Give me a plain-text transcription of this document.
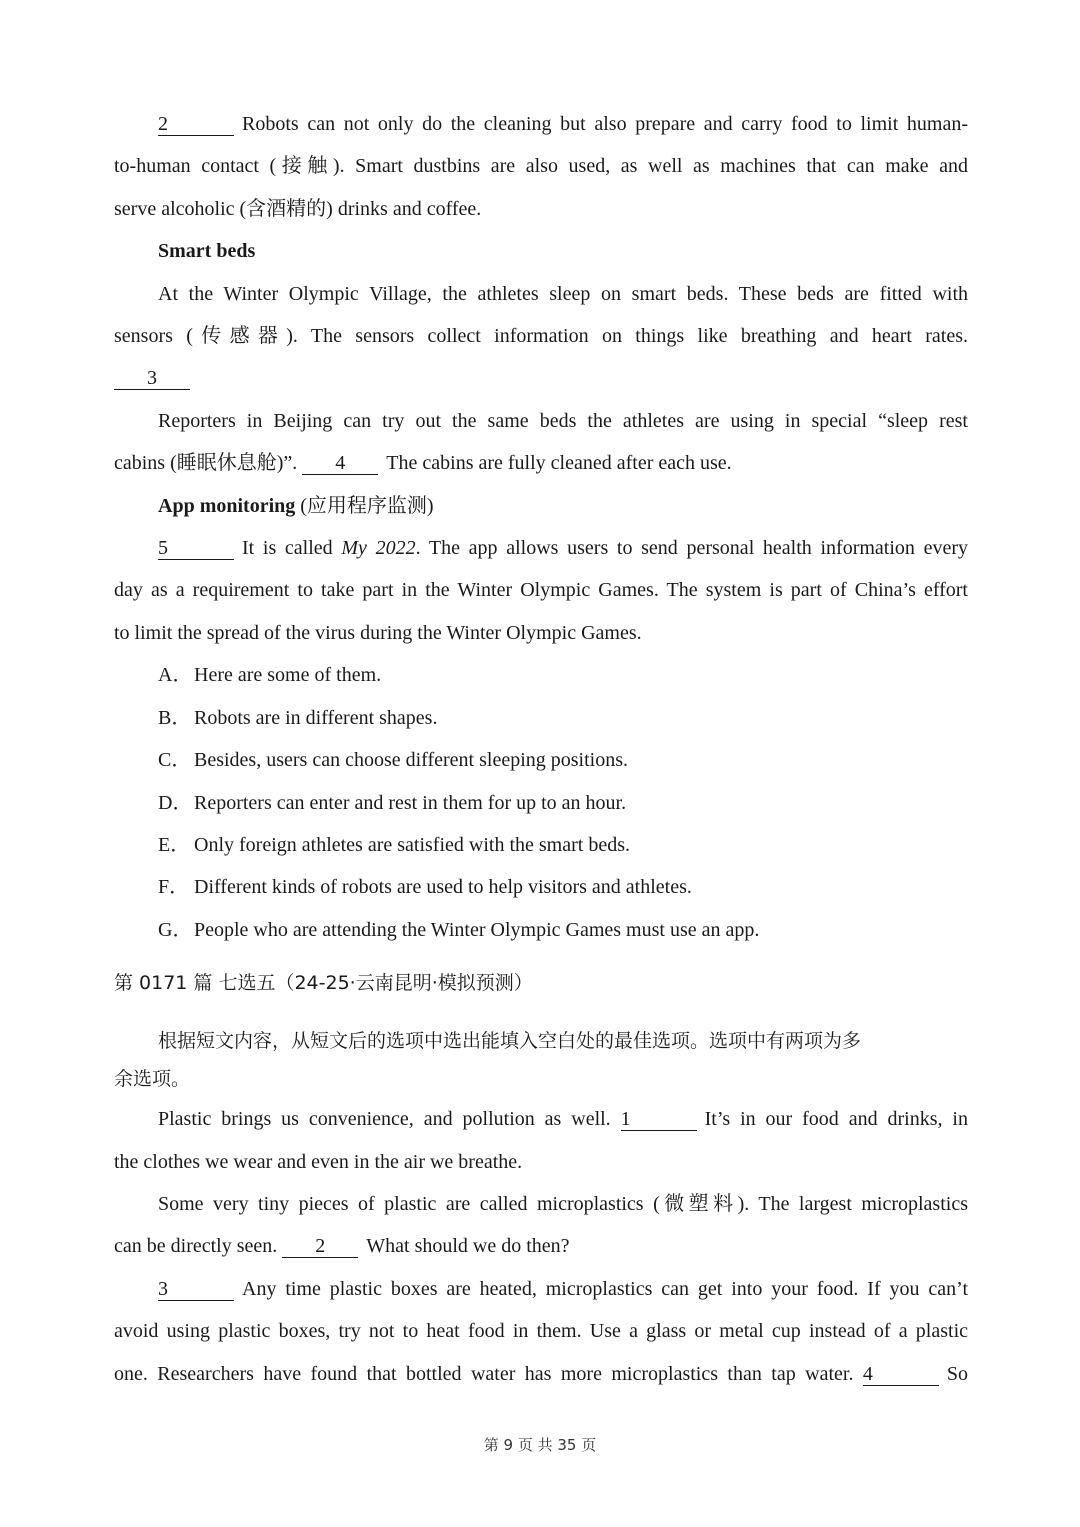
2	Robots can not only do the cleaning but also prepare and carry food to limit human-

to-human contact (接触). Smart dustbins are also used, as well as machines that can make and

serve alcoholic (含酒精的) drinks and coffee.

Smart beds

At the Winter Olympic Village, the athletes sleep on smart beds. These beds are fitted with

sensors (传感器). The sensors collect information on things like breathing and heart rates.

3

Reporters in Beijing can try out the same beds the athletes are using in special “sleep rest

cabins (睡眠休息舱)”. 4 The cabins are fully cleaned after each use.

App monitoring (应用程序监测)

5	It is called My 2022. The app allows users to send personal health information every

day as a requirement to take part in the Winter Olympic Games. The system is part of China’s effort

to limit the spread of the virus during the Winter Olympic Games.

A．Here are some of them.

B． Robots are in different shapes.

C． Besides, users can choose different sleeping positions.

D．Reporters can enter and rest in them for up to an hour.

E． Only foreign athletes are satisfied with the smart beds.

F． Different kinds of robots are used to help visitors and athletes.

G．People who are attending the Winter Olympic Games must use an app.

第 0171 篇 七选五（24-25·云南昆明·模拟预测）

根据短文内容，从短文后的选项中选出能填入空白处的最佳选项。选项中有两项为多

余选项。

Plastic brings us convenience, and pollution as well. 1	It’s in our food and drinks, in

the clothes we wear and even in the air we breathe.

Some very tiny pieces of plastic are called microplastics (微塑料). The largest microplastics

can be directly seen. 2 What should we do then?

3	Any time plastic boxes are heated, microplastics can get into your food. If you can’t

avoid using plastic boxes, try not to heat food in them. Use a glass or metal cup instead of a plastic

one. Researchers have found that bottled water has more microplastics than tap water. 4	So

第 9 页 共 35 页
